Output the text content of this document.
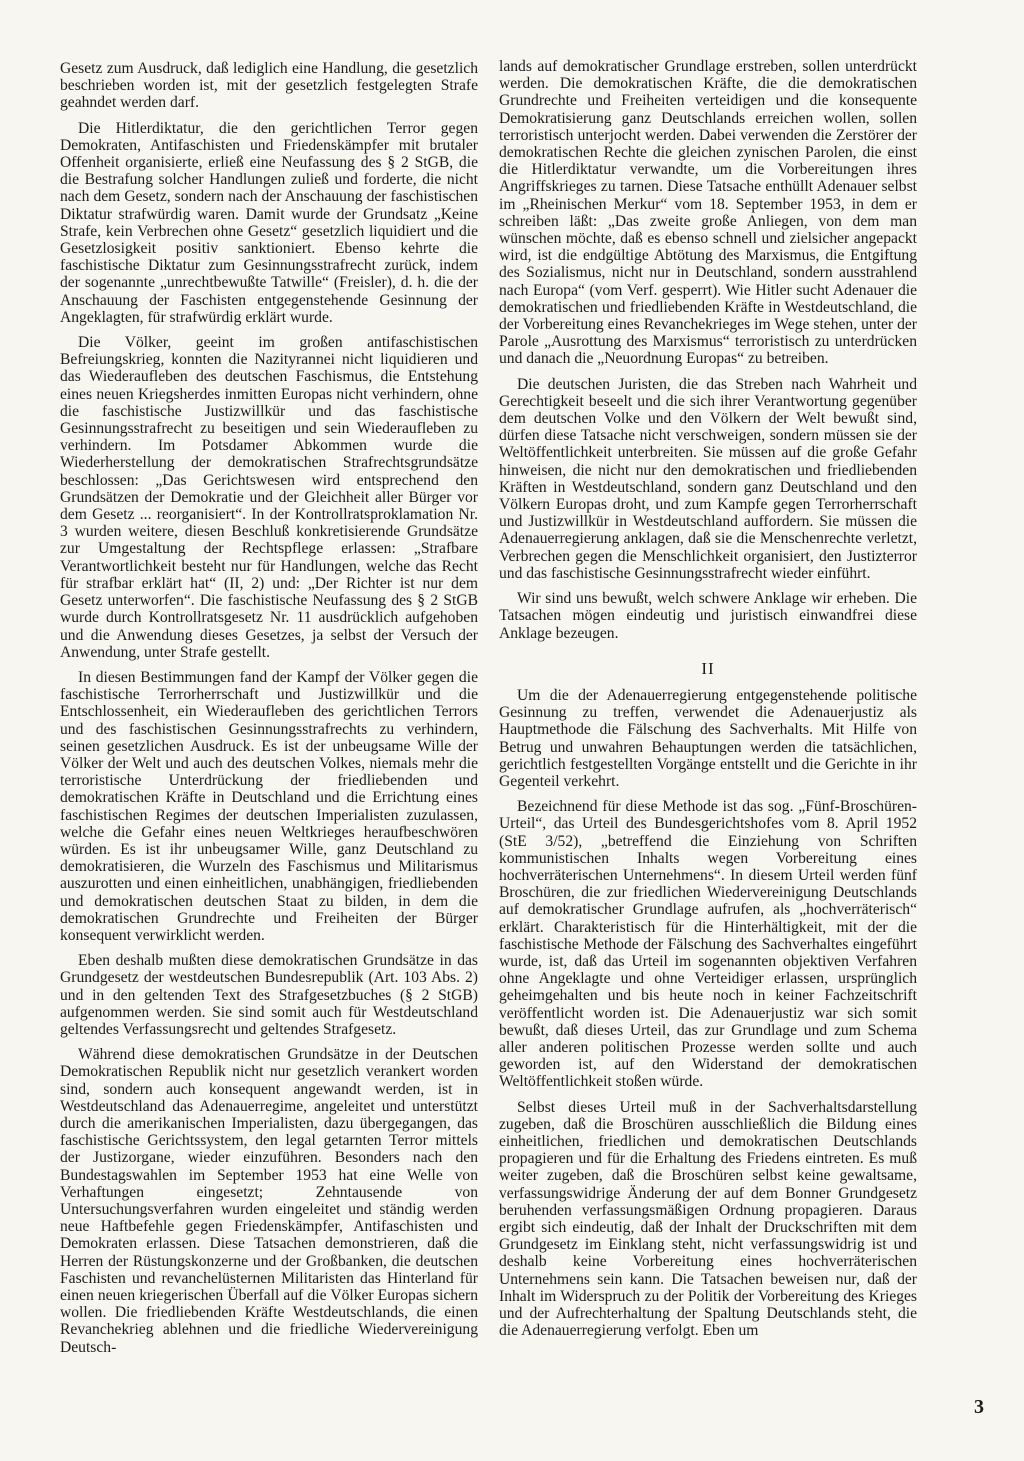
Gesetz zum Ausdruck, daß lediglich eine Handlung, die gesetzlich beschrieben worden ist, mit der gesetzlich festgelegten Strafe geahndet werden darf.

Die Hitlerdiktatur, die den gerichtlichen Terror gegen Demokraten, Antifaschisten und Friedenskämpfer mit brutaler Offenheit organisierte, erließ eine Neufassung des § 2 StGB, die die Bestrafung solcher Handlungen zuließ und forderte, die nicht nach dem Gesetz, sondern nach der Anschauung der faschistischen Diktatur strafwürdig waren. Damit wurde der Grundsatz „Keine Strafe, kein Verbrechen ohne Gesetz“ gesetzlich liquidiert und die Gesetzlosigkeit positiv sanktioniert. Ebenso kehrte die faschistische Diktatur zum Gesinnungsstrafrecht zurück, indem der sogenannte „unrechtbewußte Tatwille“ (Freisler), d. h. die der Anschauung der Faschisten entgegenstehende Gesinnung der Angeklagten, für strafwürdig erklärt wurde.

Die Völker, geeint im großen antifaschistischen Befreiungskrieg, konnten die Nazityrannei nicht liquidieren und das Wiederaufleben des deutschen Faschismus, die Entstehung eines neuen Kriegsherdes inmitten Europas nicht verhindern, ohne die faschistische Justizwillkür und das faschistische Gesinnungsstrafrecht zu beseitigen und sein Wiederaufleben zu verhindern. Im Potsdamer Abkommen wurde die Wiederherstellung der demokratischen Strafrechtsgrundsätze beschlossen: „Das Gerichtswesen wird entsprechend den Grundsätzen der Demokratie und der Gleichheit aller Bürger vor dem Gesetz ... reorganisiert“. In der Kontrollratsproklamation Nr. 3 wurden weitere, diesen Beschluß konkretisierende Grundsätze zur Umgestaltung der Rechtspflege erlassen: „Strafbare Verantwortlichkeit besteht nur für Handlungen, welche das Recht für strafbar erklärt hat“ (II, 2) und: „Der Richter ist nur dem Gesetz unterworfen“. Die faschistische Neufassung des § 2 StGB wurde durch Kontrollratsgesetz Nr. 11 ausdrücklich aufgehoben und die Anwendung dieses Gesetzes, ja selbst der Versuch der Anwendung, unter Strafe gestellt.

In diesen Bestimmungen fand der Kampf der Völker gegen die faschistische Terrorherrschaft und Justizwillkür und die Entschlossenheit, ein Wiederaufleben des gerichtlichen Terrors und des faschistischen Gesinnungsstrafrechts zu verhindern, seinen gesetzlichen Ausdruck. Es ist der unbeugsame Wille der Völker der Welt und auch des deutschen Volkes, niemals mehr die terroristische Unterdrückung der friedliebenden und demokratischen Kräfte in Deutschland und die Errichtung eines faschistischen Regimes der deutschen Imperialisten zuzulassen, welche die Gefahr eines neuen Weltkrieges heraufbeschwören würden. Es ist ihr unbeugsamer Wille, ganz Deutschland zu demokratisieren, die Wurzeln des Faschismus und Militarismus auszurotten und einen einheitlichen, unabhängigen, friedliebenden und demokratischen deutschen Staat zu bilden, in dem die demokratischen Grundrechte und Freiheiten der Bürger konsequent verwirklicht werden.

Eben deshalb mußten diese demokratischen Grundsätze in das Grundgesetz der westdeutschen Bundesrepublik (Art. 103 Abs. 2) und in den geltenden Text des Strafgesetzbuches (§ 2 StGB) aufgenommen werden. Sie sind somit auch für Westdeutschland geltendes Verfassungsrecht und geltendes Strafgesetz.

Während diese demokratischen Grundsätze in der Deutschen Demokratischen Republik nicht nur gesetzlich verankert worden sind, sondern auch konsequent angewandt werden, ist in Westdeutschland das Adenauerregime, angeleitet und unterstützt durch die amerikanischen Imperialisten, dazu übergegangen, das faschistische Gerichtssystem, den legal getarnten Terror mittels der Justizorgane, wieder einzuführen. Besonders nach den Bundestagswahlen im September 1953 hat eine Welle von Verhaftungen eingesetzt; Zehntausende von Untersuchungsverfahren wurden eingeleitet und ständig werden neue Haftbefehle gegen Friedenskämpfer, Antifaschisten und Demokraten erlassen. Diese Tatsachen demonstrieren, daß die Herren der Rüstungskonzerne und der Großbanken, die deutschen Faschisten und revanchelüsternen Militaristen das Hinterland für einen neuen kriegerischen Überfall auf die Völker Europas sichern wollen. Die friedliebenden Kräfte Westdeutschlands, die einen Revanchekrieg ablehnen und die friedliche Wiedervereinigung Deutsch-

lands auf demokratischer Grundlage erstreben, sollen unterdrückt werden. Die demokratischen Kräfte, die die demokratischen Grundrechte und Freiheiten verteidigen und die konsequente Demokratisierung ganz Deutschlands erreichen wollen, sollen terroristisch unterjocht werden. Dabei verwenden die Zerstörer der demokratischen Rechte die gleichen zynischen Parolen, die einst die Hitlerdiktatur verwandte, um die Vorbereitungen ihres Angriffskrieges zu tarnen. Diese Tatsache enthüllt Adenauer selbst im „Rheinischen Merkur“ vom 18. September 1953, in dem er schreiben läßt: „Das zweite große Anliegen, von dem man wünschen möchte, daß es ebenso schnell und zielsicher angepackt wird, ist die endgültige Abtötung des Marxismus, die Entgiftung des Sozialismus, nicht nur in Deutschland, sondern ausstrahlend nach Europa“ (vom Verf. gesperrt). Wie Hitler sucht Adenauer die demokratischen und friedliebenden Kräfte in Westdeutschland, die der Vorbereitung eines Revanchekrieges im Wege stehen, unter der Parole „Ausrottung des Marxismus“ terroristisch zu unterdrücken und danach die „Neuordnung Europas“ zu betreiben.

Die deutschen Juristen, die das Streben nach Wahrheit und Gerechtigkeit beseelt und die sich ihrer Verantwortung gegenüber dem deutschen Volke und den Völkern der Welt bewußt sind, dürfen diese Tatsache nicht verschweigen, sondern müssen sie der Weltöffentlichkeit unterbreiten. Sie müssen auf die große Gefahr hinweisen, die nicht nur den demokratischen und friedliebenden Kräften in Westdeutschland, sondern ganz Deutschland und den Völkern Europas droht, und zum Kampfe gegen Terrorherrschaft und Justizwillkür in Westdeutschland auffordern. Sie müssen die Adenauerregierung anklagen, daß sie die Menschenrechte verletzt, Verbrechen gegen die Menschlichkeit organisiert, den Justizterror und das faschistische Gesinnungsstrafrecht wieder einführt.

Wir sind uns bewußt, welch schwere Anklage wir erheben. Die Tatsachen mögen eindeutig und juristisch einwandfrei diese Anklage bezeugen.

II

Um die der Adenauerregierung entgegenstehende politische Gesinnung zu treffen, verwendet die Adenauerjustiz als Hauptmethode die Fälschung des Sachverhalts. Mit Hilfe von Betrug und unwahren Behauptungen werden die tatsächlichen, gerichtlich festgestellten Vorgänge entstellt und die Gerichte in ihr Gegenteil verkehrt.

Bezeichnend für diese Methode ist das sog. „Fünf-Broschüren-Urteil“, das Urteil des Bundesgerichtshofes vom 8. April 1952 (StE 3/52), „betreffend die Einziehung von Schriften kommunistischen Inhalts wegen Vorbereitung eines hochverräterischen Unternehmens“. In diesem Urteil werden fünf Broschüren, die zur friedlichen Wiedervereinigung Deutschlands auf demokratischer Grundlage aufrufen, als „hochverräterisch“ erklärt. Charakteristisch für die Hinterhältigkeit, mit der die faschistische Methode der Fälschung des Sachverhaltes eingeführt wurde, ist, daß das Urteil im sogenannten objektiven Verfahren ohne Angeklagte und ohne Verteidiger erlassen, ursprünglich geheimgehalten und bis heute noch in keiner Fachzeitschrift veröffentlicht worden ist. Die Adenauerjustiz war sich somit bewußt, daß dieses Urteil, das zur Grundlage und zum Schema aller anderen politischen Prozesse werden sollte und auch geworden ist, auf den Widerstand der demokratischen Weltöffentlichkeit stoßen würde.

Selbst dieses Urteil muß in der Sachverhaltsdarstellung zugeben, daß die Broschüren ausschließlich die Bildung eines einheitlichen, friedlichen und demokratischen Deutschlands propagieren und für die Erhaltung des Friedens eintreten. Es muß weiter zugeben, daß die Broschüren selbst keine gewaltsame, verfassungswidrige Änderung der auf dem Bonner Grundgesetz beruhenden verfassungsmäßigen Ordnung propagieren. Daraus ergibt sich eindeutig, daß der Inhalt der Druckschriften mit dem Grundgesetz im Einklang steht, nicht verfassungswidrig ist und deshalb keine Vorbereitung eines hochverräterischen Unternehmens sein kann. Die Tatsachen beweisen nur, daß der Inhalt im Widerspruch zu der Politik der Vorbereitung des Krieges und der Aufrechterhaltung der Spaltung Deutschlands steht, die die Adenauerregierung verfolgt. Eben um

3
